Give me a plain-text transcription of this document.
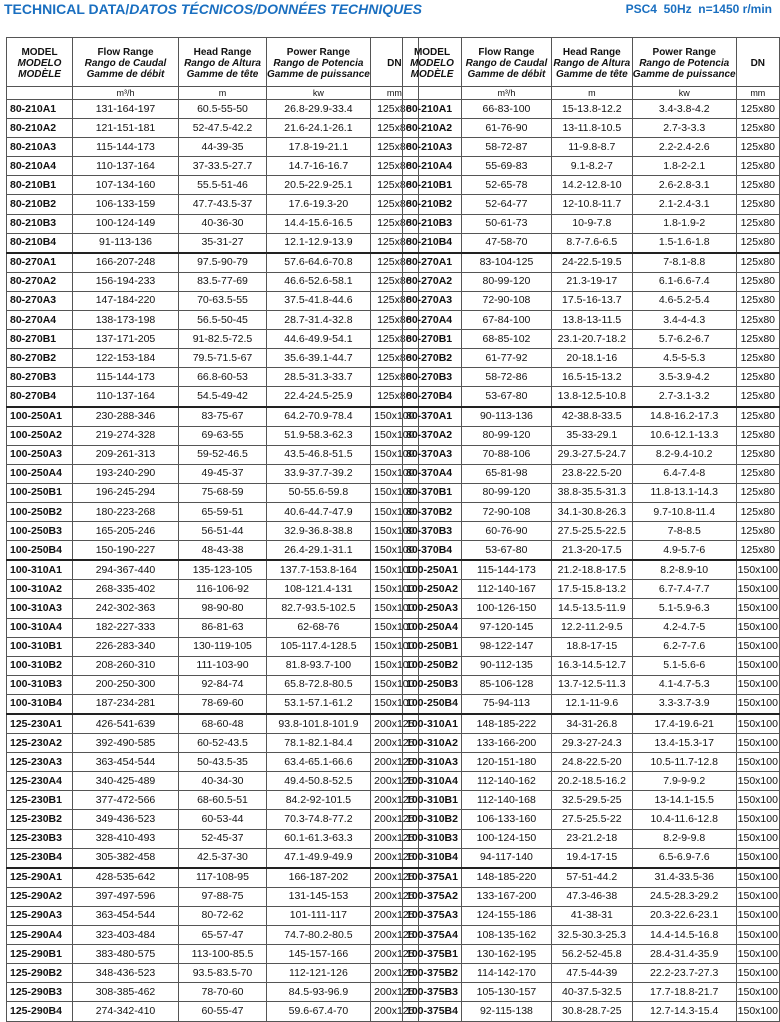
TECHNICAL DATA/DATOS TÉCNICOS/DONNÉES TECHNIQUES	PSC4 50Hz n=1450 r/min
MODEL
MODELO
MODÈLE	Flow Range
Rango de Caudal
Gamme de débit	Head Range
Rango de Altura
Gamme de tête	Power Range
Rango de Potencia
Gamme de puissance	DN

	m³/h	m	kw	mm
80-210A1	131-164-197	60.5-55-50	26.8-29.9-33.4	125x80
80-210A2	121-151-181	52-47.5-42.2	21.6-24.1-26.1	125x80
80-210A3	115-144-173	44-39-35	17.8-19-21.1	125x80
80-210A4	110-137-164	37-33.5-27.7	14.7-16-16.7	125x80
80-210B1	107-134-160	55.5-51-46	20.5-22.9-25.1	125x80
80-210B2	106-133-159	47.7-43.5-37	17.6-19.3-20	125x80
80-210B3	100-124-149	40-36-30	14.4-15.6-16.5	125x80
80-210B4	91-113-136	35-31-27	12.1-12.9-13.9	125x80
80-270A1	166-207-248	97.5-90-79	57.6-64.6-70.8	125x80
80-270A2	156-194-233	83.5-77-69	46.6-52.6-58.1	125x80
80-270A3	147-184-220	70-63.5-55	37.5-41.8-44.6	125x80
80-270A4	138-173-198	56.5-50-45	28.7-31.4-32.8	125x80
80-270B1	137-171-205	91-82.5-72.5	44.6-49.9-54.1	125x80
80-270B2	122-153-184	79.5-71.5-67	35.6-39.1-44.7	125x80
80-270B3	115-144-173	66.8-60-53	28.5-31.3-33.7	125x80
80-270B4	110-137-164	54.5-49-42	22.4-24.5-25.9	125x80
100-250A1	230-288-346	83-75-67	64.2-70.9-78.4	150x100
100-250A2	219-274-328	69-63-55	51.9-58.3-62.3	150x100
100-250A3	209-261-313	59-52-46.5	43.5-46.8-51.5	150x100
100-250A4	193-240-290	49-45-37	33.9-37.7-39.2	150x100
100-250B1	196-245-294	75-68-59	50-55.6-59.8	150x100
100-250B2	180-223-268	65-59-51	40.6-44.7-47.9	150x100
100-250B3	165-205-246	56-51-44	32.9-36.8-38.8	150x100
100-250B4	150-190-227	48-43-38	26.4-29.1-31.1	150x100
100-310A1	294-367-440	135-123-105	137.7-153.8-164	150x100
100-310A2	268-335-402	116-106-92	108-121.4-131	150x100
100-310A3	242-302-363	98-90-80	82.7-93.5-102.5	150x100
100-310A4	182-227-333	86-81-63	62-68-76	150x100
100-310B1	226-283-340	130-119-105	105-117.4-128.5	150x100
100-310B2	208-260-310	111-103-90	81.8-93.7-100	150x100
100-310B3	200-250-300	92-84-74	65.8-72.8-80.5	150x100
100-310B4	187-234-281	78-69-60	53.1-57.1-61.2	150x100
125-230A1	426-541-639	68-60-48	93.8-101.8-101.9	200x125
125-230A2	392-490-585	60-52-43.5	78.1-82.1-84.4	200x125
125-230A3	363-454-544	50-43.5-35	63.4-65.1-66.6	200x125
125-230A4	340-425-489	40-34-30	49.4-50.8-52.5	200x125
125-230B1	377-472-566	68-60.5-51	84.2-92-101.5	200x125
125-230B2	349-436-523	60-53-44	70.3-74.8-77.2	200x125
125-230B3	328-410-493	52-45-37	60.1-61.3-63.3	200x125
125-230B4	305-382-458	42.5-37-30	47.1-49.9-49.9	200x125
125-290A1	428-535-642	117-108-95	166-187-202	200x125
125-290A2	397-497-596	97-88-75	131-145-153	200x125
125-290A3	363-454-544	80-72-62	101-111-117	200x125
125-290A4	323-403-484	65-57-47	74.7-80.2-80.5	200x125
125-290B1	383-480-575	113-100-85.5	145-157-166	200x125
125-290B2	348-436-523	93.5-83.5-70	112-121-126	200x125
125-290B3	308-385-462	78-70-60	84.5-93-96.9	200x125
125-290B4	274-342-410	60-55-47	59.6-67.4-70	200x125
MODEL
MODELO
MODÈLE	Flow Range
Rango de Caudal
Gamme de débit	Head Range
Rango de Altura
Gamme de tête	Power Range
Rango de Potencia
Gamme de puissance	DN

	m³/h	m	kw	mm
80-210A1	66-83-100	15-13.8-12.2	3.4-3.8-4.2	125x80
80-210A2	61-76-90	13-11.8-10.5	2.7-3-3.3	125x80
80-210A3	58-72-87	11-9.8-8.7	2.2-2.4-2.6	125x80
80-210A4	55-69-83	9.1-8.2-7	1.8-2-2.1	125x80
80-210B1	52-65-78	14.2-12.8-10	2.6-2.8-3.1	125x80
80-210B2	52-64-77	12-10.8-11.7	2.1-2.4-3.1	125x80
80-210B3	50-61-73	10-9-7.8	1.8-1.9-2	125x80
80-210B4	47-58-70	8.7-7.6-6.5	1.5-1.6-1.8	125x80
80-270A1	83-104-125	24-22.5-19.5	7-8.1-8.8	125x80
80-270A2	80-99-120	21.3-19-17	6.1-6.6-7.4	125x80
80-270A3	72-90-108	17.5-16-13.7	4.6-5.2-5.4	125x80
80-270A4	67-84-100	13.8-13-11.5	3.4-4-4.3	125x80
80-270B1	68-85-102	23.1-20.7-18.2	5.7-6.2-6.7	125x80
80-270B2	61-77-92	20-18.1-16	4.5-5-5.3	125x80
80-270B3	58-72-86	16.5-15-13.2	3.5-3.9-4.2	125x80
80-270B4	53-67-80	13.8-12.5-10.8	2.7-3.1-3.2	125x80
80-370A1	90-113-136	42-38.8-33.5	14.8-16.2-17.3	125x80
80-370A2	80-99-120	35-33-29.1	10.6-12.1-13.3	125x80
80-370A3	70-88-106	29.3-27.5-24.7	8.2-9.4-10.2	125x80
80-370A4	65-81-98	23.8-22.5-20	6.4-7.4-8	125x80
80-370B1	80-99-120	38.8-35.5-31.3	11.8-13.1-14.3	125x80
80-370B2	72-90-108	34.1-30.8-26.3	9.7-10.8-11.4	125x80
80-370B3	60-76-90	27.5-25.5-22.5	7-8-8.5	125x80
80-370B4	53-67-80	21.3-20-17.5	4.9-5.7-6	125x80
100-250A1	115-144-173	21.2-18.8-17.5	8.2-8.9-10	150x100
100-250A2	112-140-167	17.5-15.8-13.2	6.7-7.4-7.7	150x100
100-250A3	100-126-150	14.5-13.5-11.9	5.1-5.9-6.3	150x100
100-250A4	97-120-145	12.2-11.2-9.5	4.2-4.7-5	150x100
100-250B1	98-122-147	18.8-17-15	6.2-7-7.6	150x100
100-250B2	90-112-135	16.3-14.5-12.7	5.1-5.6-6	150x100
100-250B3	85-106-128	13.7-12.5-11.3	4.1-4.7-5.3	150x100
100-250B4	75-94-113	12.1-11-9.6	3.3-3.7-3.9	150x100
100-310A1	148-185-222	34-31-26.8	17.4-19.6-21	150x100
100-310A2	133-166-200	29.3-27-24.3	13.4-15.3-17	150x100
100-310A3	120-151-180	24.8-22.5-20	10.5-11.7-12.8	150x100
100-310A4	112-140-162	20.2-18.5-16.2	7.9-9-9.2	150x100
100-310B1	112-140-168	32.5-29.5-25	13-14.1-15.5	150x100
100-310B2	106-133-160	27.5-25.5-22	10.4-11.6-12.8	150x100
100-310B3	100-124-150	23-21.2-18	8.2-9-9.8	150x100
100-310B4	94-117-140	19.4-17-15	6.5-6.9-7.6	150x100
100-375A1	148-185-220	57-51-44.2	31.4-33.5-36	150x100
100-375A2	133-167-200	47.3-46-38	24.5-28.3-29.2	150x100
100-375A3	124-155-186	41-38-31	20.3-22.6-23.1	150x100
100-375A4	108-135-162	32.5-30.3-25.3	14.4-14.5-16.8	150x100
100-375B1	130-162-195	56.2-52-45.8	28.4-31.4-35.9	150x100
100-375B2	114-142-170	47.5-44-39	22.2-23.7-27.3	150x100
100-375B3	105-130-157	40-37.5-32.5	17.7-18.8-21.7	150x100
100-375B4	92-115-138	30.8-28.7-25	12.7-14.3-15.4	150x100
